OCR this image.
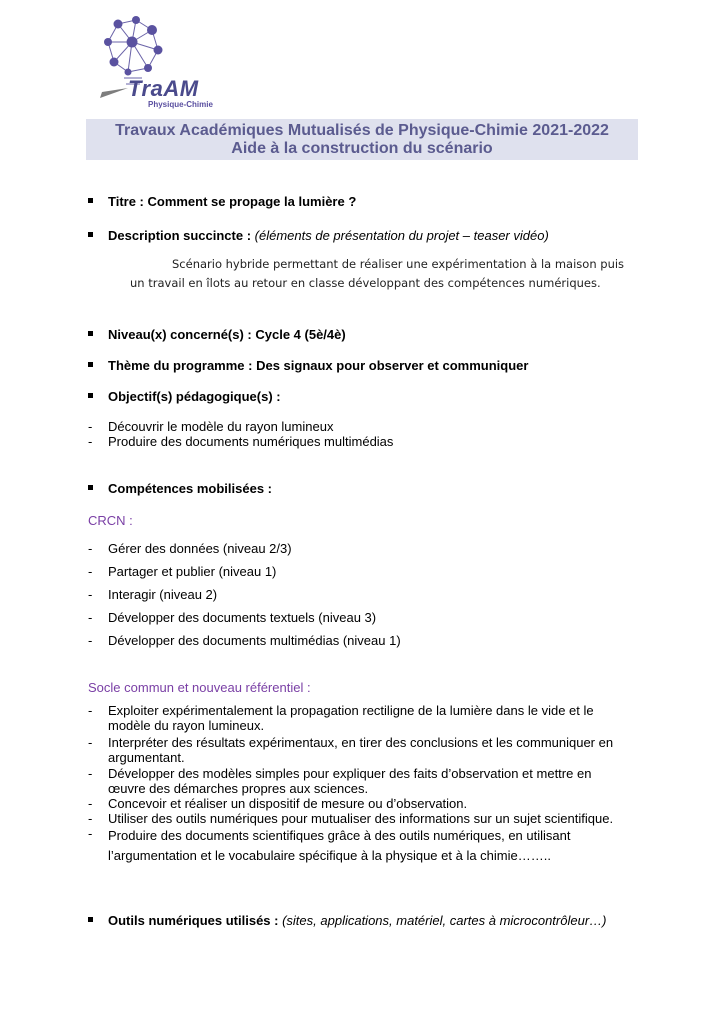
TraAM
Physique-Chimie
Travaux Académiques Mutualisés de Physique-Chimie 2021-2022
Aide à la construction du scénario
Titre : Comment se propage la lumière ?
Description succincte : (éléments de présentation du projet – teaser vidéo)
Scénario hybride permettant de réaliser une expérimentation à la maison puis
un travail en îlots au retour en classe développant des compétences numériques.
Niveau(x) concerné(s) : Cycle 4 (5è/4è)
Thème du programme : Des signaux pour observer et communiquer
Objectif(s) pédagogique(s) :
- Découvrir le modèle du rayon lumineux
- Produire des documents numériques multimédias
Compétences mobilisées :
CRCN :
- Gérer des données (niveau 2/3)
- Partager et publier (niveau 1)
- Interagir (niveau 2)
- Développer des documents textuels (niveau 3)
- Développer des documents multimédias (niveau 1)
Socle commun et nouveau référentiel :
- Exploiter expérimentalement la propagation rectiligne de la lumière dans le vide et le
modèle du rayon lumineux.
- Interpréter des résultats expérimentaux, en tirer des conclusions et les communiquer en
argumentant.
- Développer des modèles simples pour expliquer des faits d’observation et mettre en
œuvre des démarches propres aux sciences.
- Concevoir et réaliser un dispositif de mesure ou d’observation.
- Utiliser des outils numériques pour mutualiser des informations sur un sujet scientifique.
- Produire des documents scientifiques grâce à des outils numériques, en utilisant
l’argumentation et le vocabulaire spécifique à la physique et à la chimie……..
Outils numériques utilisés : (sites, applications, matériel, cartes à microcontrôleur…)
